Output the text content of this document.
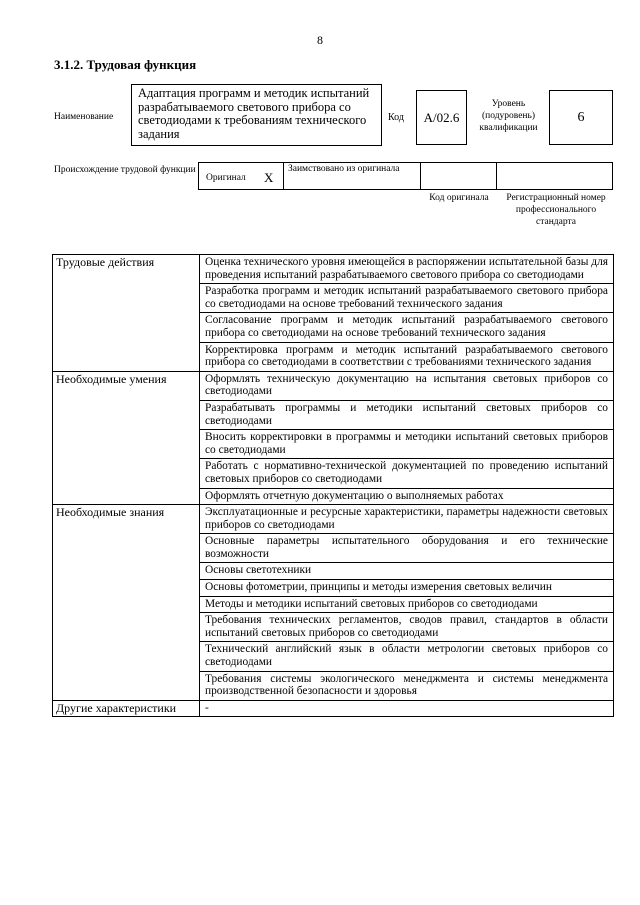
8
3.1.2. Трудовая функция
Наименование
Адаптация программ и методик испытаний разрабатываемого светового прибора со светодиодами к требованиям технического задания
Код	A/02.6
Уровень (подуровень) квалификации
6
Происхождение трудовой функции
Оригинал X
Заимствовано из оригинала
Код оригинала	Регистрационный номер профессионального стандарта
Трудовые действия	Оценка технического уровня имеющейся в распоряжении испытательной базы для проведения испытаний разрабатываемого светового прибора со светодиодами
	Разработка программ и методик испытаний разрабатываемого светового прибора со светодиодами на основе требований технического задания
	Согласование программ и методик испытаний разрабатываемого светового прибора со светодиодами на основе требований технического задания
	Корректировка программ и методик испытаний разрабатываемого светового прибора со светодиодами в соответствии с требованиями технического задания
Необходимые умения	Оформлять техническую документацию на испытания световых приборов со светодиодами
	Разрабатывать программы и методики испытаний световых приборов со светодиодами
	Вносить корректировки в программы и методики испытаний световых приборов со светодиодами
	Работать с нормативно-технической документацией по проведению испытаний световых приборов со светодиодами
	Оформлять отчетную документацию о выполняемых работах
Необходимые знания	Эксплуатационные и ресурсные характеристики, параметры надежности световых приборов со светодиодами
	Основные параметры испытательного оборудования и его технические возможности
	Основы светотехники
	Основы фотометрии, принципы и методы измерения световых величин
	Методы и методики испытаний световых приборов со светодиодами
	Требования технических регламентов, сводов правил, стандартов в области испытаний световых приборов со светодиодами
	Технический английский язык в области метрологии световых приборов со светодиодами
	Требования системы экологического менеджмента и системы менеджмента производственной безопасности и здоровья
Другие характеристики	-
